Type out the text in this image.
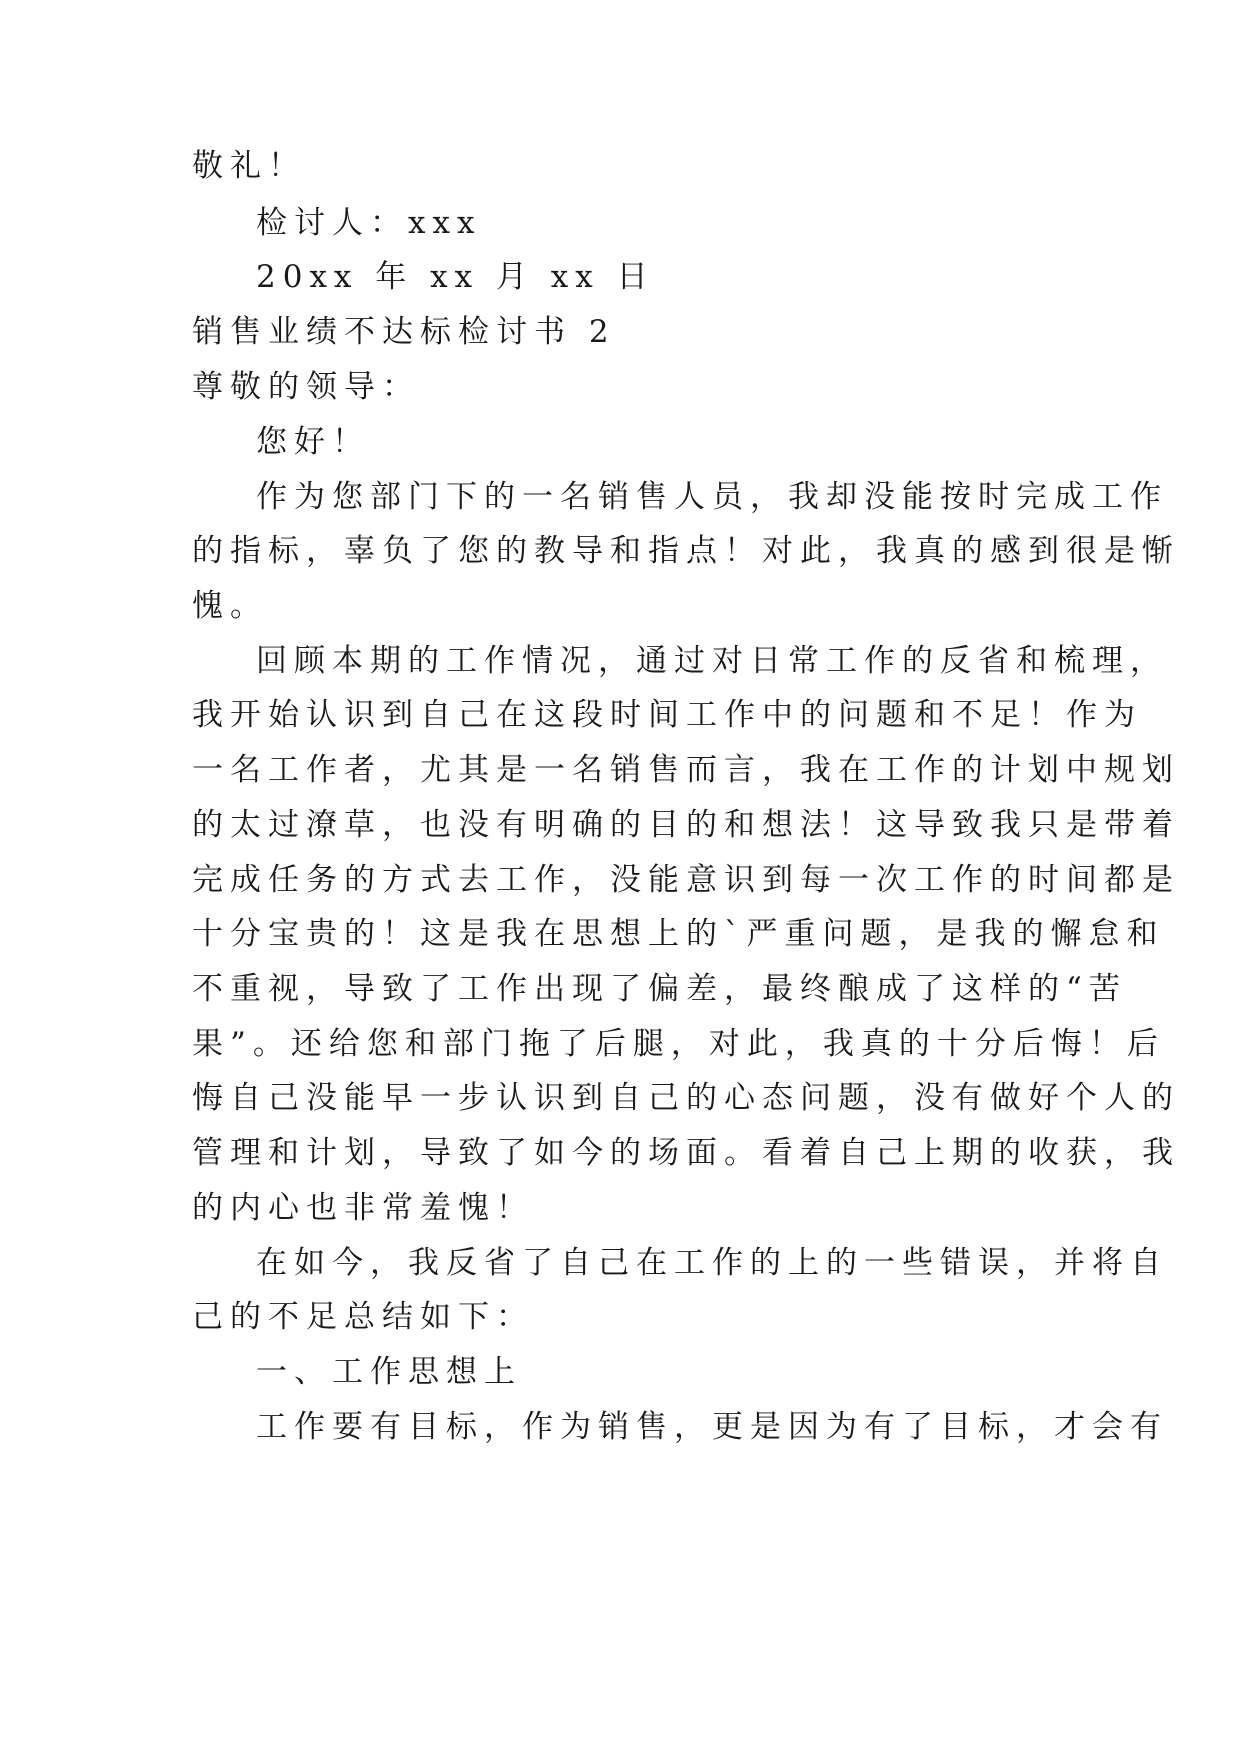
敬礼！
检讨人：xxx
20xx 年 xx 月 xx 日
销售业绩不达标检讨书 2
尊敬的领导：
您好！
作为您部门下的一名销售人员，我却没能按时完成工作
的指标，辜负了您的教导和指点！对此，我真的感到很是惭
愧。
回顾本期的工作情况，通过对日常工作的反省和梳理，
我开始认识到自己在这段时间工作中的问题和不足！作为
一名工作者，尤其是一名销售而言，我在工作的计划中规划
的太过潦草，也没有明确的目的和想法！这导致我只是带着
完成任务的方式去工作，没能意识到每一次工作的时间都是
十分宝贵的！这是我在思想上的`严重问题，是我的懈怠和
不重视，导致了工作出现了偏差，最终酿成了这样的“苦
果”。还给您和部门拖了后腿，对此，我真的十分后悔！后
悔自己没能早一步认识到自己的心态问题，没有做好个人的
管理和计划，导致了如今的场面。看着自己上期的收获，我
的内心也非常羞愧！
在如今，我反省了自己在工作的上的一些错误，并将自
己的不足总结如下：
一、工作思想上
工作要有目标，作为销售，更是因为有了目标，才会有
